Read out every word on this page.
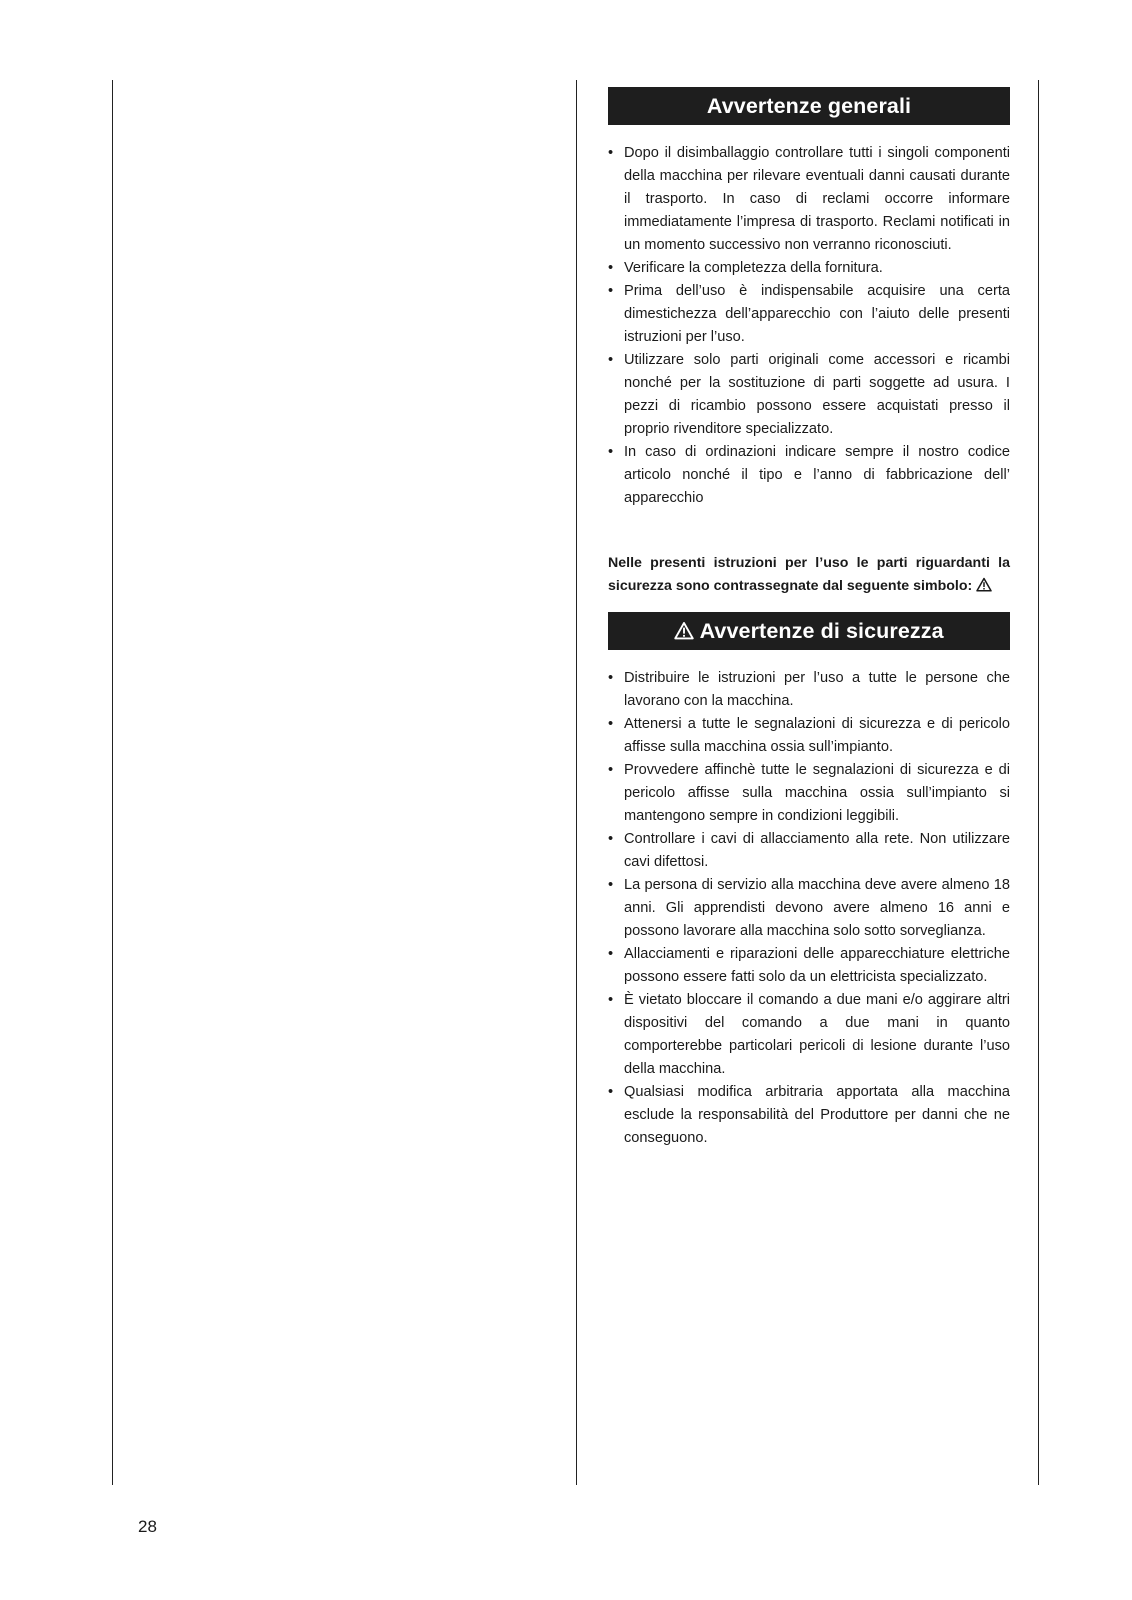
Avvertenze generali
• Dopo il disimballaggio controllare tutti i singoli componenti della macchina per rilevare eventuali danni causati durante il trasporto. In caso di reclami occorre informare immediatamente l’impresa di trasporto. Reclami notificati in un momento successivo non verranno riconosciuti.
• Verificare la completezza della fornitura.
• Prima dell’uso è indispensabile acquisire una certa dimestichezza dell’apparecchio con l’aiuto delle presenti istruzioni per l’uso.
• Utilizzare solo parti originali come accessori e ricambi nonché per la sostituzione di parti soggette ad usura. I pezzi di ricambio possono essere acquistati presso il proprio rivenditore specializzato.
• In caso di ordinazioni indicare sempre il nostro codice articolo nonché il tipo e l’anno di fabbricazione dell’ apparecchio
Nelle presenti istruzioni per l’uso le parti riguardanti la sicurezza sono contrassegnate dal seguente simbolo:
Avvertenze di sicurezza
• Distribuire le istruzioni per l’uso a tutte le persone che lavorano con la macchina.
• Attenersi a tutte le segnalazioni di sicurezza e di pericolo affisse sulla macchina ossia sull’impianto.
• Provvedere affinchè tutte le segnalazioni di sicurezza e di pericolo affisse sulla macchina ossia sull’impianto si mantengono sempre in condizioni leggibili.
• Controllare i cavi di allacciamento alla rete. Non utilizzare cavi difettosi.
• La persona di servizio alla macchina deve avere almeno 18 anni. Gli apprendisti devono avere almeno 16 anni e possono lavorare alla macchina solo sotto sorveglianza.
• Allacciamenti e riparazioni delle apparecchiature elettriche possono essere fatti solo da un elettricista specializzato.
• È vietato bloccare il comando a due mani e/o aggirare altri dispositivi del comando a due mani in quanto comporterebbe particolari pericoli di lesione durante l’uso della macchina.
• Qualsiasi modifica arbitraria apportata alla macchina esclude la responsabilità del Produttore per danni che ne conseguono.
28
